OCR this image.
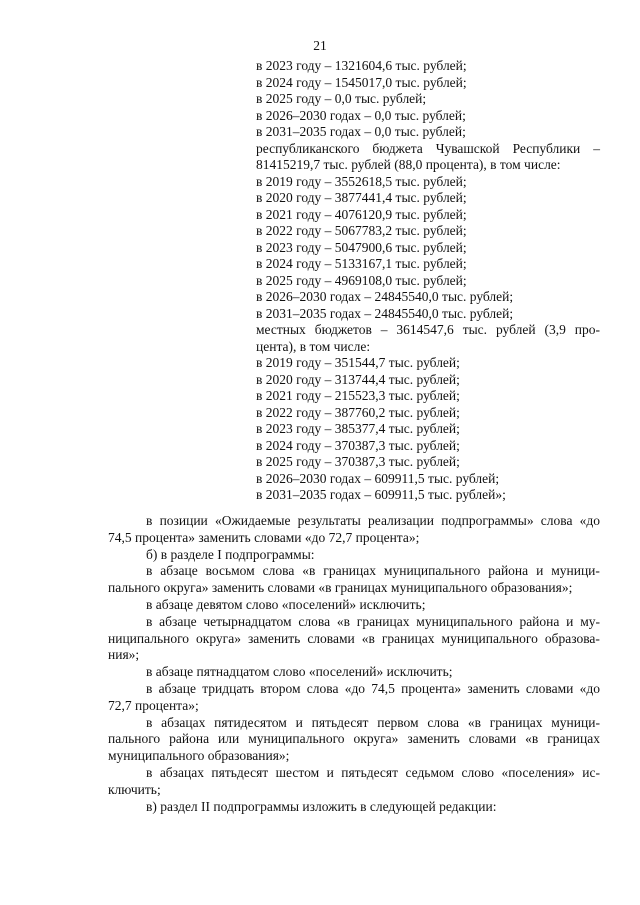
21
в 2023 году – 1321604,6 тыс. рублей;
в 2024 году – 1545017,0 тыс. рублей;
в 2025 году – 0,0 тыс. рублей;
в 2026–2030 годах – 0,0 тыс. рублей;
в 2031–2035 годах – 0,0 тыс. рублей;
республиканского бюджета Чувашской Республики –
81415219,7 тыс. рублей (88,0 процента), в том числе:
в 2019 году – 3552618,5 тыс. рублей;
в 2020 году – 3877441,4 тыс. рублей;
в 2021 году – 4076120,9 тыс. рублей;
в 2022 году – 5067783,2 тыс. рублей;
в 2023 году – 5047900,6 тыс. рублей;
в 2024 году – 5133167,1 тыс. рублей;
в 2025 году – 4969108,0 тыс. рублей;
в 2026–2030 годах – 24845540,0 тыс. рублей;
в 2031–2035 годах – 24845540,0 тыс. рублей;
местных бюджетов – 3614547,6 тыс. рублей (3,9 про-
цента), в том числе:
в 2019 году – 351544,7 тыс. рублей;
в 2020 году – 313744,4 тыс. рублей;
в 2021 году – 215523,3 тыс. рублей;
в 2022 году – 387760,2 тыс. рублей;
в 2023 году – 385377,4 тыс. рублей;
в 2024 году – 370387,3 тыс. рублей;
в 2025 году – 370387,3 тыс. рублей;
в 2026–2030 годах – 609911,5 тыс. рублей;
в 2031–2035 годах – 609911,5 тыс. рублей»;
в позиции «Ожидаемые результаты реализации подпрограммы» слова «до
74,5 процента» заменить словами «до 72,7 процента»;
б) в разделе I подпрограммы:
в абзаце восьмом слова «в границах муниципального района и муници-
пального округа» заменить словами «в границах муниципального образования»;
в абзаце девятом слово «поселений» исключить;
в абзаце четырнадцатом слова «в границах муниципального района и му-
ниципального округа» заменить словами «в границах муниципального образова-
ния»;
в абзаце пятнадцатом слово «поселений» исключить;
в абзаце тридцать втором слова «до 74,5 процента» заменить словами «до
72,7 процента»;
в абзацах пятидесятом и пятьдесят первом слова «в границах муници-
пального района или муниципального округа» заменить словами «в границах
муниципального образования»;
в абзацах пятьдесят шестом и пятьдесят седьмом слово «поселения» ис-
ключить;
в) раздел II подпрограммы изложить в следующей редакции:
